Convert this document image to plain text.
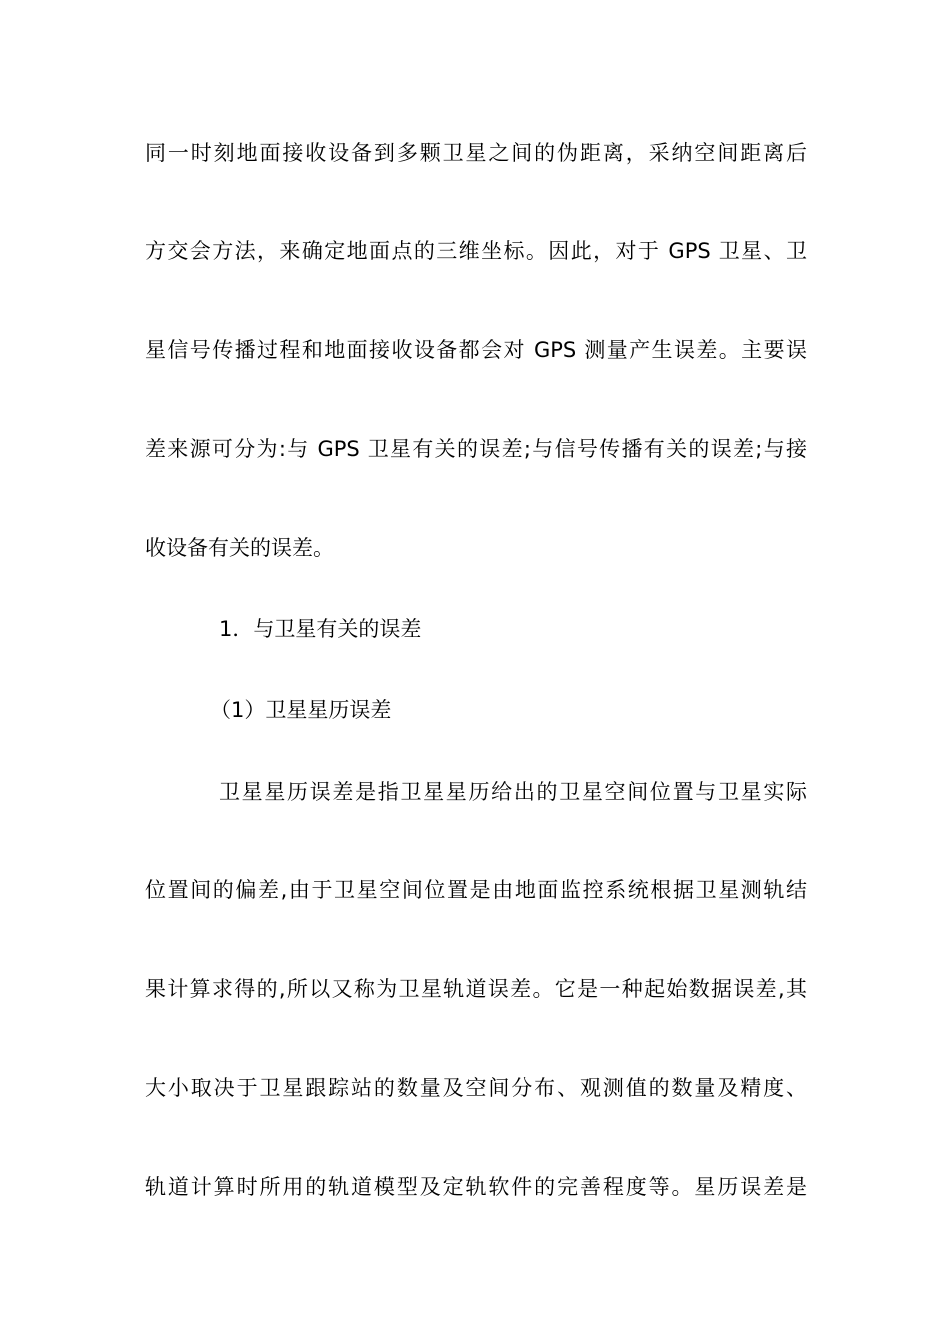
同一时刻地面接收设备到多颗卫星之间的伪距离，采纳空间距离后
方交会方法，来确定地面点的三维坐标。因此，对于 GPS 卫星、卫
星信号传播过程和地面接收设备都会对 GPS 测量产生误差。主要误
差来源可分为:与 GPS 卫星有关的误差;与信号传播有关的误差;与接
收设备有关的误差。
1．与卫星有关的误差
（1）卫星星历误差
卫星星历误差是指卫星星历给出的卫星空间位置与卫星实际
位置间的偏差,由于卫星空间位置是由地面监控系统根据卫星测轨结
果计算求得的,所以又称为卫星轨道误差。它是一种起始数据误差,其
大小取决于卫星跟踪站的数量及空间分布、观测值的数量及精度、
轨道计算时所用的轨道模型及定轨软件的完善程度等。星历误差是
